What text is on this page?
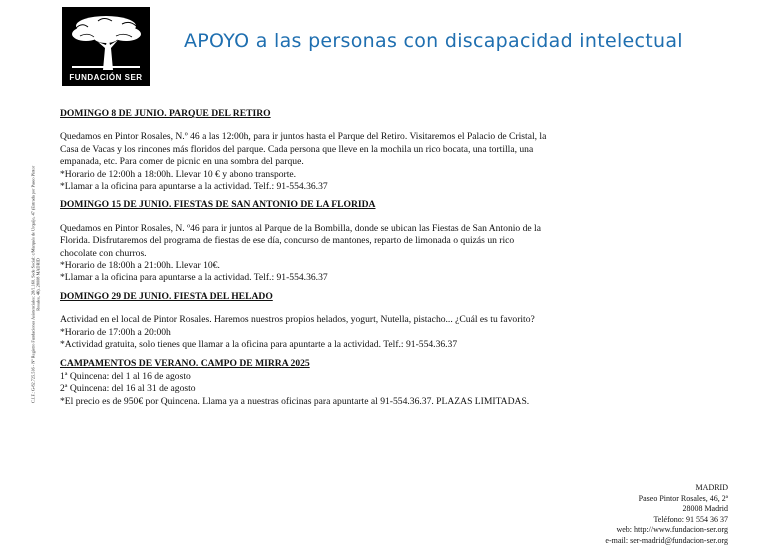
FUNDACIÓN SER
APOYO a las personas con discapacidad intelectual
C.I.F.: G-82.725.516 - Nº Registro Fundaciones Asistenciales: 28/1.160. Sede Social: c/Marqués de Urquijo, 47 (Entrada por Paseo Pintor Rosales, 46). 28008 MADRID
DOMINGO 8 DE JUNIO. PARQUE DEL RETIRO

Quedamos en Pintor Rosales, N.º 46 a las 12:00h, para ir juntos hasta el Parque del Retiro. Visitaremos el Palacio de Cristal, la

Casa de Vacas y los rincones más floridos del parque. Cada persona que lleve en la mochila un rico bocata, una tortilla, una

empanada, etc. Para comer de picnic en una sombra del parque.

*Horario de 12:00h a 18:00h. Llevar 10 € y abono transporte.

*Llamar a la oficina para apuntarse a la actividad. Telf.: 91-554.36.37

DOMINGO 15 DE JUNIO. FIESTAS DE SAN ANTONIO DE LA FLORIDA

Quedamos en Pintor Rosales, N. º46 para ir juntos al Parque de la Bombilla, donde se ubican las Fiestas de San Antonio de la

Florida. Disfrutaremos del programa de fiestas de ese día, concurso de mantones, reparto de limonada o quizás un rico

chocolate con churros.

*Horario de 18:00h a 21:00h. Llevar 10€.

*Llamar a la oficina para apuntarse a la actividad. Telf.: 91-554.36.37

DOMINGO 29 DE JUNIO. FIESTA DEL HELADO

Actividad en el local de Pintor Rosales. Haremos nuestros propios helados, yogurt, Nutella, pistacho... ¿Cuál es tu favorito?

*Horario de 17:00h a 20:00h

*Actividad gratuita, solo tienes que llamar a la oficina para apuntarte a la actividad. Telf.: 91-554.36.37

CAMPAMENTOS DE VERANO. CAMPO DE MIRRA 2025

1ª Quincena: del 1 al 16 de agosto

2ª Quincena: del 16 al 31 de agosto

*El precio es de 950€ por Quincena. Llama ya a nuestras oficinas para apuntarte al 91-554.36.37. PLAZAS LIMITADAS.

MADRID
Paseo Pintor Rosales, 46, 2ª
28008 Madrid
Teléfono: 91 554 36 37
web: http://www.fundacion-ser.org
e-mail: ser-madrid@fundacion-ser.org
